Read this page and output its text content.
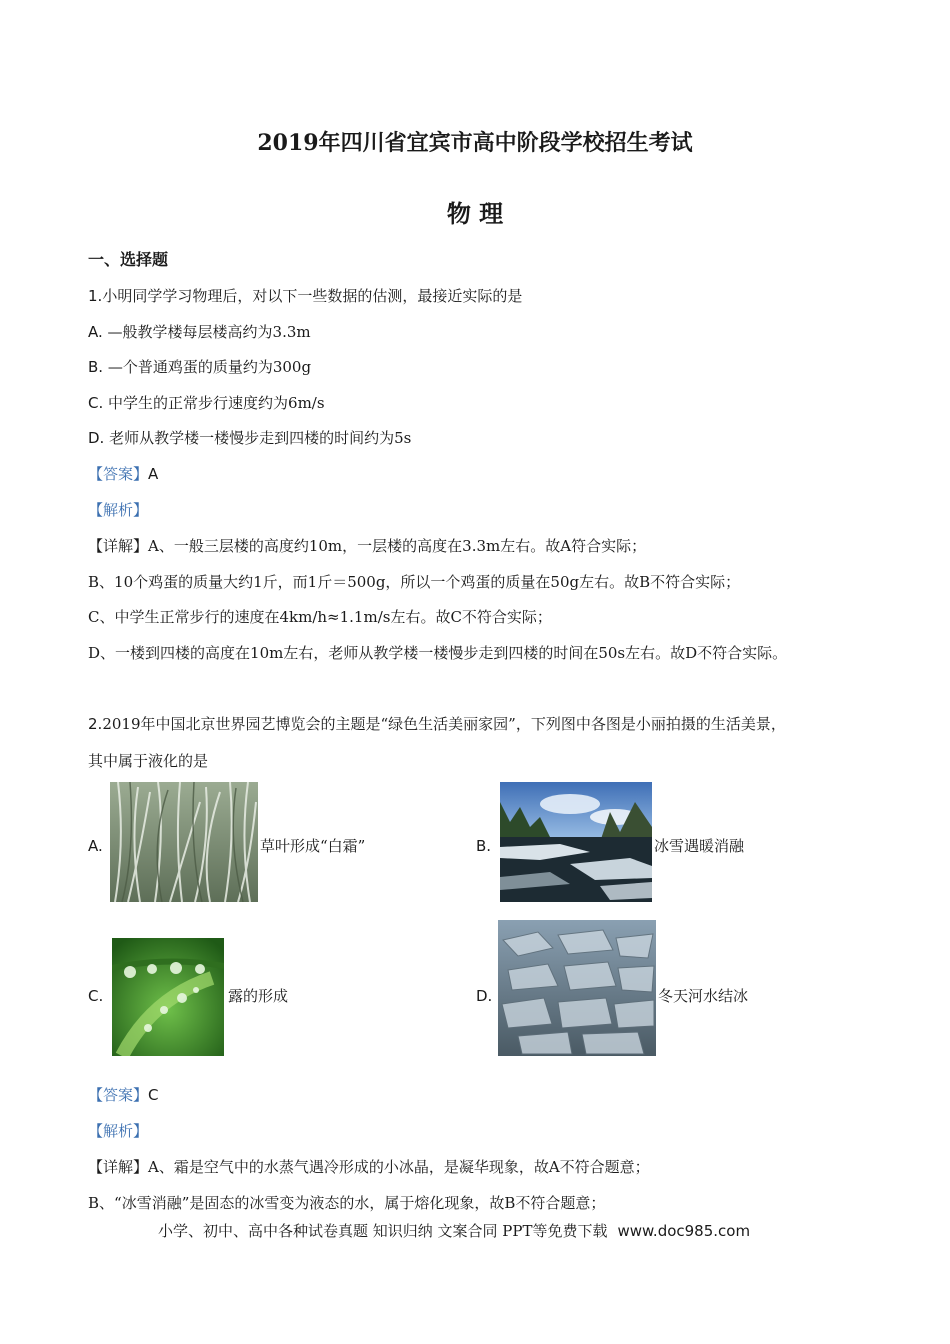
2019年四川省宜宾市高中阶段学校招生考试
物 理
一、选择题
1.小明同学学习物理后，对以下一些数据的估测，最接近实际的是
A. —般教学楼每层楼高约为3.3m
B. —个普通鸡蛋的质量约为300g
C. 中学生的正常步行速度约为6m/s
D. 老师从教学楼一楼慢步走到四楼的时间约为5s
【答案】A
【解析】
【详解】A、一般三层楼的高度约10m，一层楼的高度在3.3m左右。故A符合实际；
B、10个鸡蛋的质量大约1斤，而1斤＝500g，所以一个鸡蛋的质量在50g左右。故B不符合实际；
C、中学生正常步行的速度在4km/h≈1.1m/s左右。故C不符合实际；
D、一楼到四楼的高度在10m左右，老师从教学楼一楼慢步走到四楼的时间在50s左右。故D不符合实际。
2.2019年中国北京世界园艺博览会的主题是“绿色生活美丽家园”，下列图中各图是小丽拍摄的生活美景，
其中属于液化的是
A.	草叶形成“白霜”	B.	冰雪遇暖消融
C.	露的形成	D.	冬天河水结冰
【答案】C
【解析】
【详解】A、霜是空气中的水蒸气遇冷形成的小冰晶，是凝华现象，故A不符合题意；
B、“冰雪消融”是固态的冰雪变为液态的水，属于熔化现象，故B不符合题意；
小学、初中、高中各种试卷真题 知识归纳 文案合同 PPT等免费下载 www.doc985.com
